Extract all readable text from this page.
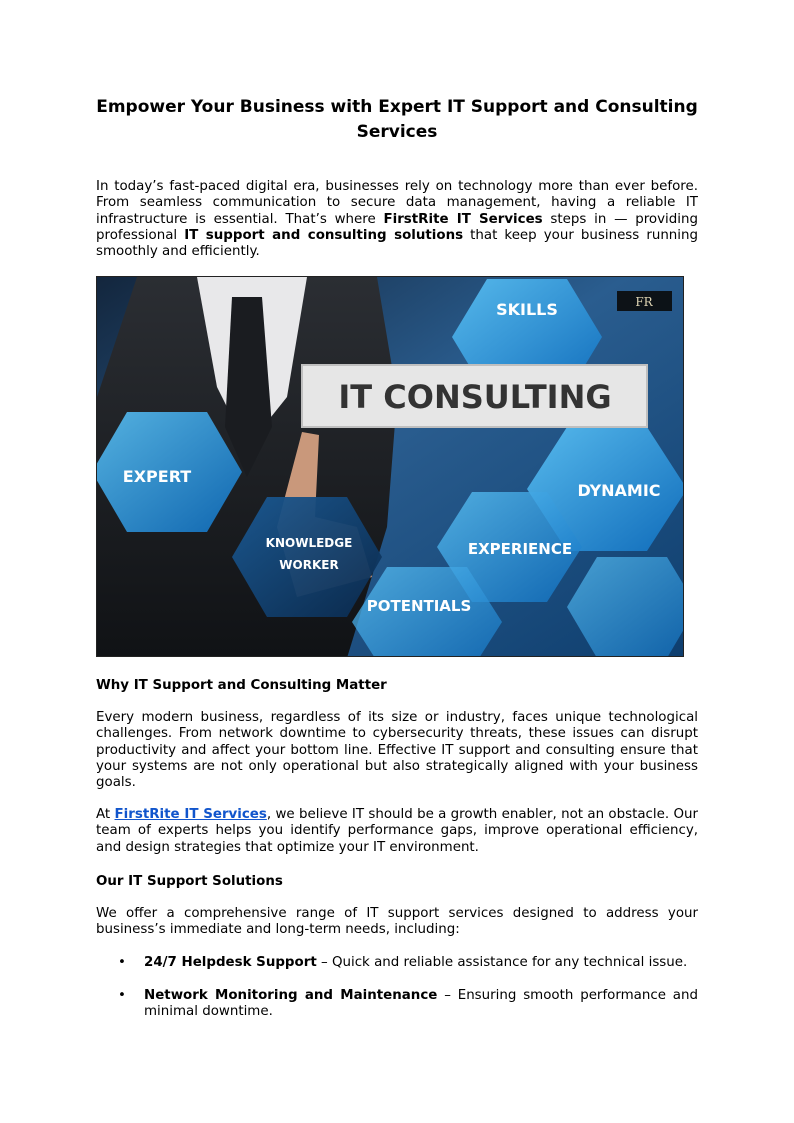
Empower Your Business with Expert IT Support and Consulting Services

In today’s fast-paced digital era, businesses rely on technology more than ever before. From seamless communication to secure data management, having a reliable IT infrastructure is essential. That’s where FirstRite IT Services steps in — providing professional IT support and consulting solutions that keep your business running smoothly and efficiently.

IT CONSULTING
FR
SKILLS
EXPERT
DYNAMIC
KNOWLEDGE
WORKER
EXPERIENCE
POTENTIALS
Why IT Support and Consulting Matter

Every modern business, regardless of its size or industry, faces unique technological challenges. From network downtime to cybersecurity threats, these issues can disrupt productivity and affect your bottom line. Effective IT support and consulting ensure that your systems are not only operational but also strategically aligned with your business goals.

At FirstRite IT Services, we believe IT should be a growth enabler, not an obstacle. Our team of experts helps you identify performance gaps, improve operational efficiency, and design strategies that optimize your IT environment.

Our IT Support Solutions

We offer a comprehensive range of IT support services designed to address your business’s immediate and long-term needs, including:

• 24/7 Helpdesk Support – Quick and reliable assistance for any technical issue.
• Network Monitoring and Maintenance – Ensuring smooth performance and minimal downtime.
